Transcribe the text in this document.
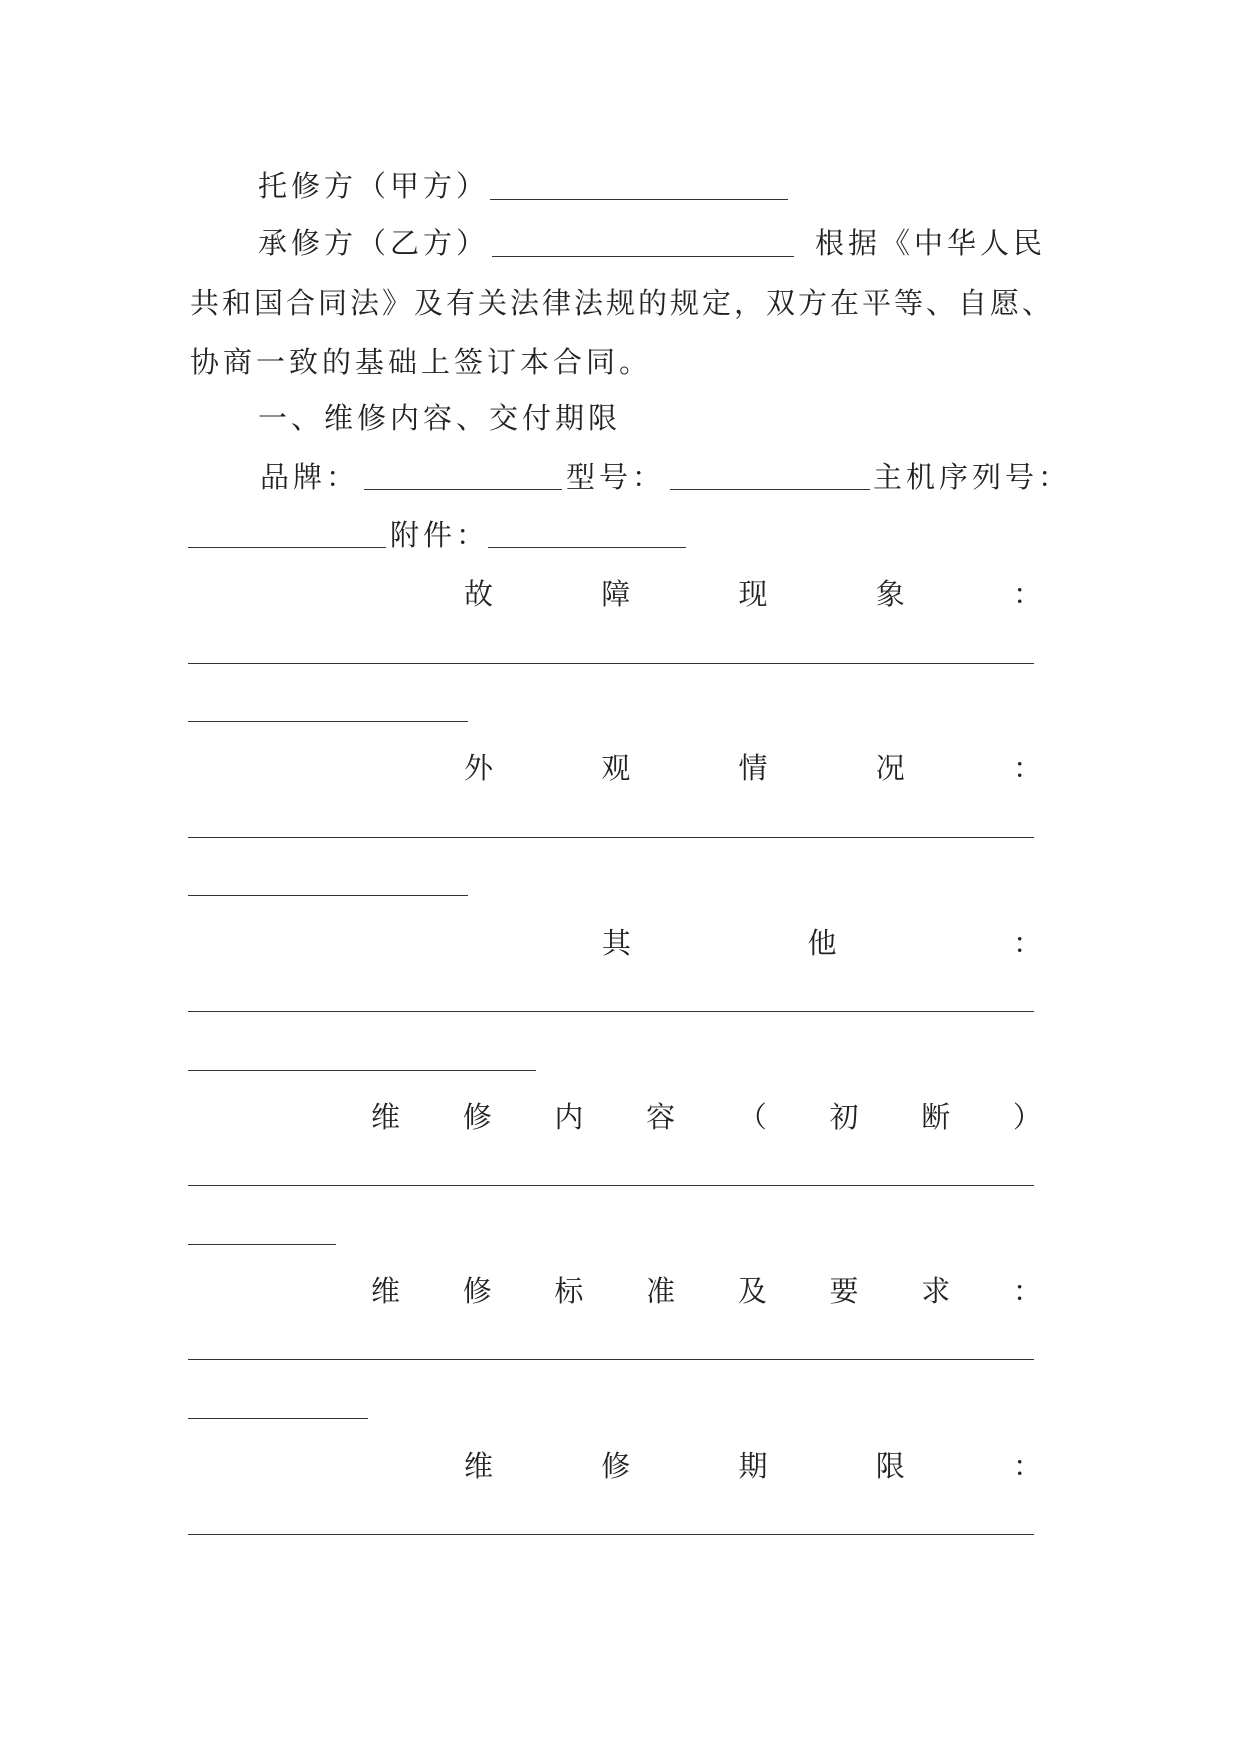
托修方（甲方）
承修方（乙方）	根据《中华人民
共和国合同法》及有关法律法规的规定，双方在平等、自愿、
协商一致的基础上签订本合同。
一、维修内容、交付期限
品牌：	型号：	主机序列号：
附件：
故	障	现	象	：
外	观	情	况	：
其	他	：
维 修 内 容 （ 初 断 ）
维 修 标 准 及 要 求 ：
维	修	期	限	：
